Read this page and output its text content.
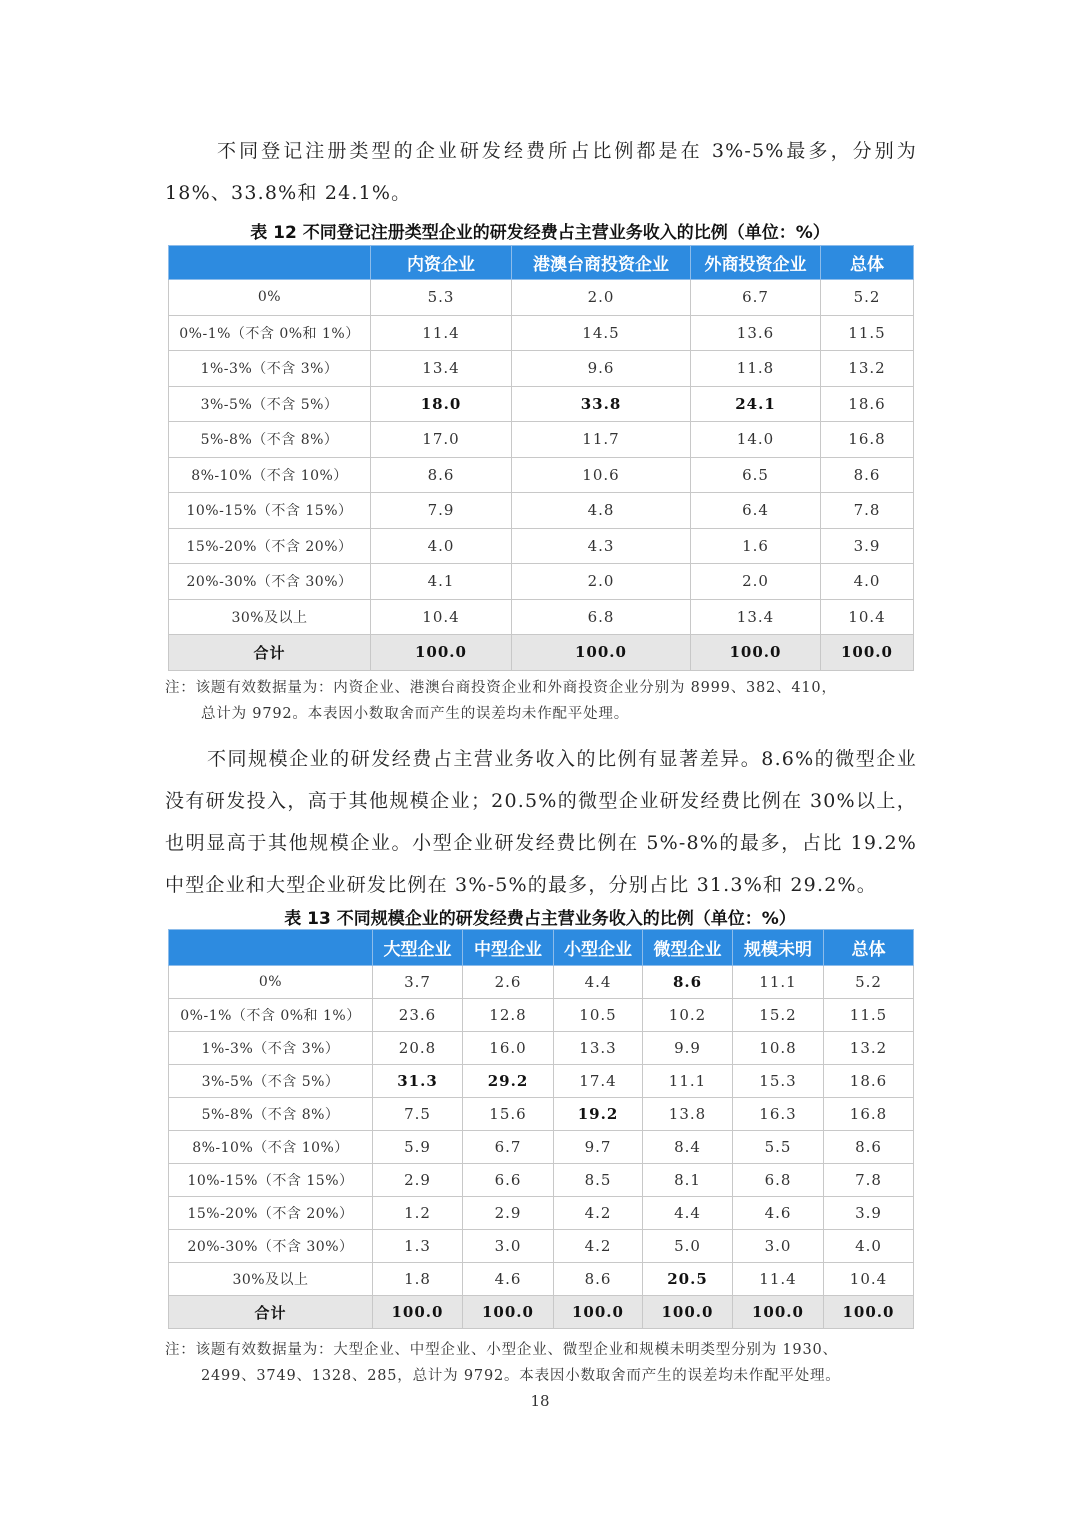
不同登记注册类型的企业研发经费所占比例都是在 3%-5%最多，分别为 18%、33.8%和 24.1%。

表 12 不同登记注册类型企业的研发经费占主营业务收入的比例（单位：%）

	内资企业	港澳台商投资企业	外商投资企业	总体
0%	5.3	2.0	6.7	5.2
0%-1%（不含 0%和 1%）	11.4	14.5	13.6	11.5
1%-3%（不含 3%）	13.4	9.6	11.8	13.2
3%-5%（不含 5%）	18.0	33.8	24.1	18.6
5%-8%（不含 8%）	17.0	11.7	14.0	16.8
8%-10%（不含 10%）	8.6	10.6	6.5	8.6
10%-15%（不含 15%）	7.9	4.8	6.4	7.8
15%-20%（不含 20%）	4.0	4.3	1.6	3.9
20%-30%（不含 30%）	4.1	2.0	2.0	4.0
30%及以上	10.4	6.8	13.4	10.4
合计	100.0	100.0	100.0	100.0

注：该题有效数据量为：内资企业、港澳台商投资企业和外商投资企业分别为 8999、382、410，
总计为 9792。本表因小数取舍而产生的误差均未作配平处理。

不同规模企业的研发经费占主营业务收入的比例有显著差异。8.6%的微型企业没有研发投入，高于其他规模企业；20.5%的微型企业研发经费比例在 30%以上，也明显高于其他规模企业。小型企业研发经费比例在 5%-8%的最多，占比 19.2% 中型企业和大型企业研发比例在 3%-5%的最多，分别占比 31.3%和 29.2%。

表 13 不同规模企业的研发经费占主营业务收入的比例（单位：%）

	大型企业	中型企业	小型企业	微型企业	规模未明	总体
0%	3.7	2.6	4.4	8.6	11.1	5.2
0%-1%（不含 0%和 1%）	23.6	12.8	10.5	10.2	15.2	11.5
1%-3%（不含 3%）	20.8	16.0	13.3	9.9	10.8	13.2
3%-5%（不含 5%）	31.3	29.2	17.4	11.1	15.3	18.6
5%-8%（不含 8%）	7.5	15.6	19.2	13.8	16.3	16.8
8%-10%（不含 10%）	5.9	6.7	9.7	8.4	5.5	8.6
10%-15%（不含 15%）	2.9	6.6	8.5	8.1	6.8	7.8
15%-20%（不含 20%）	1.2	2.9	4.2	4.4	4.6	3.9
20%-30%（不含 30%）	1.3	3.0	4.2	5.0	3.0	4.0
30%及以上	1.8	4.6	8.6	20.5	11.4	10.4
合计	100.0	100.0	100.0	100.0	100.0	100.0

注：该题有效数据量为：大型企业、中型企业、小型企业、微型企业和规模未明类型分别为 1930、
2499、3749、1328、285，总计为 9792。本表因小数取舍而产生的误差均未作配平处理。

18
